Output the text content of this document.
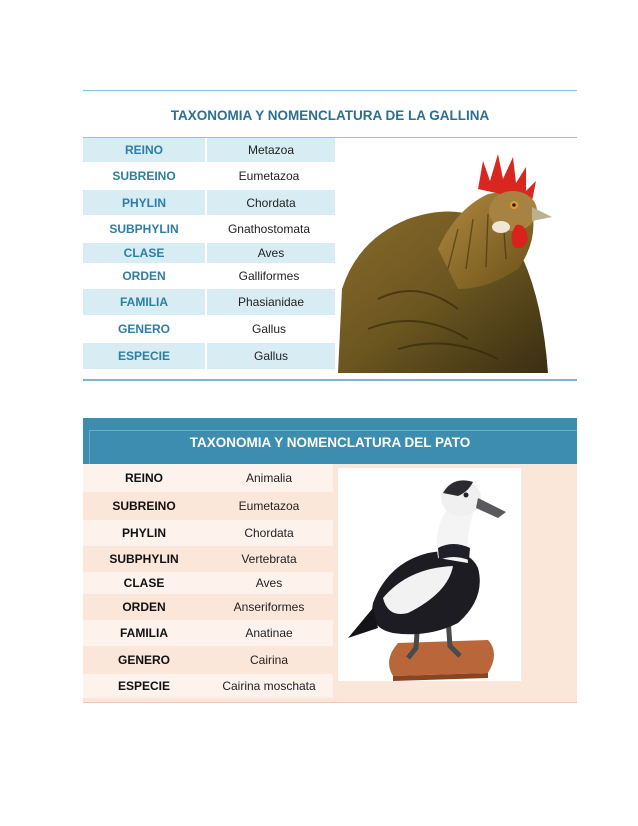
TAXONOMIA Y NOMENCLATURA DE LA GALLINA
REINO	Metazoa
SUBREINO	Eumetazoa
PHYLIN	Chordata
SUBPHYLIN	Gnathostomata
CLASE	Aves
ORDEN	Galliformes
FAMILIA	Phasianidae
GENERO	Gallus
ESPECIE	Gallus
TAXONOMIA Y NOMENCLATURA DEL PATO
REINO	Animalia
SUBREINO	Eumetazoa
PHYLIN	Chordata
SUBPHYLIN	Vertebrata
CLASE	Aves
ORDEN	Anseriformes
FAMILIA	Anatinae
GENERO	Cairina
ESPECIE	Cairina moschata
